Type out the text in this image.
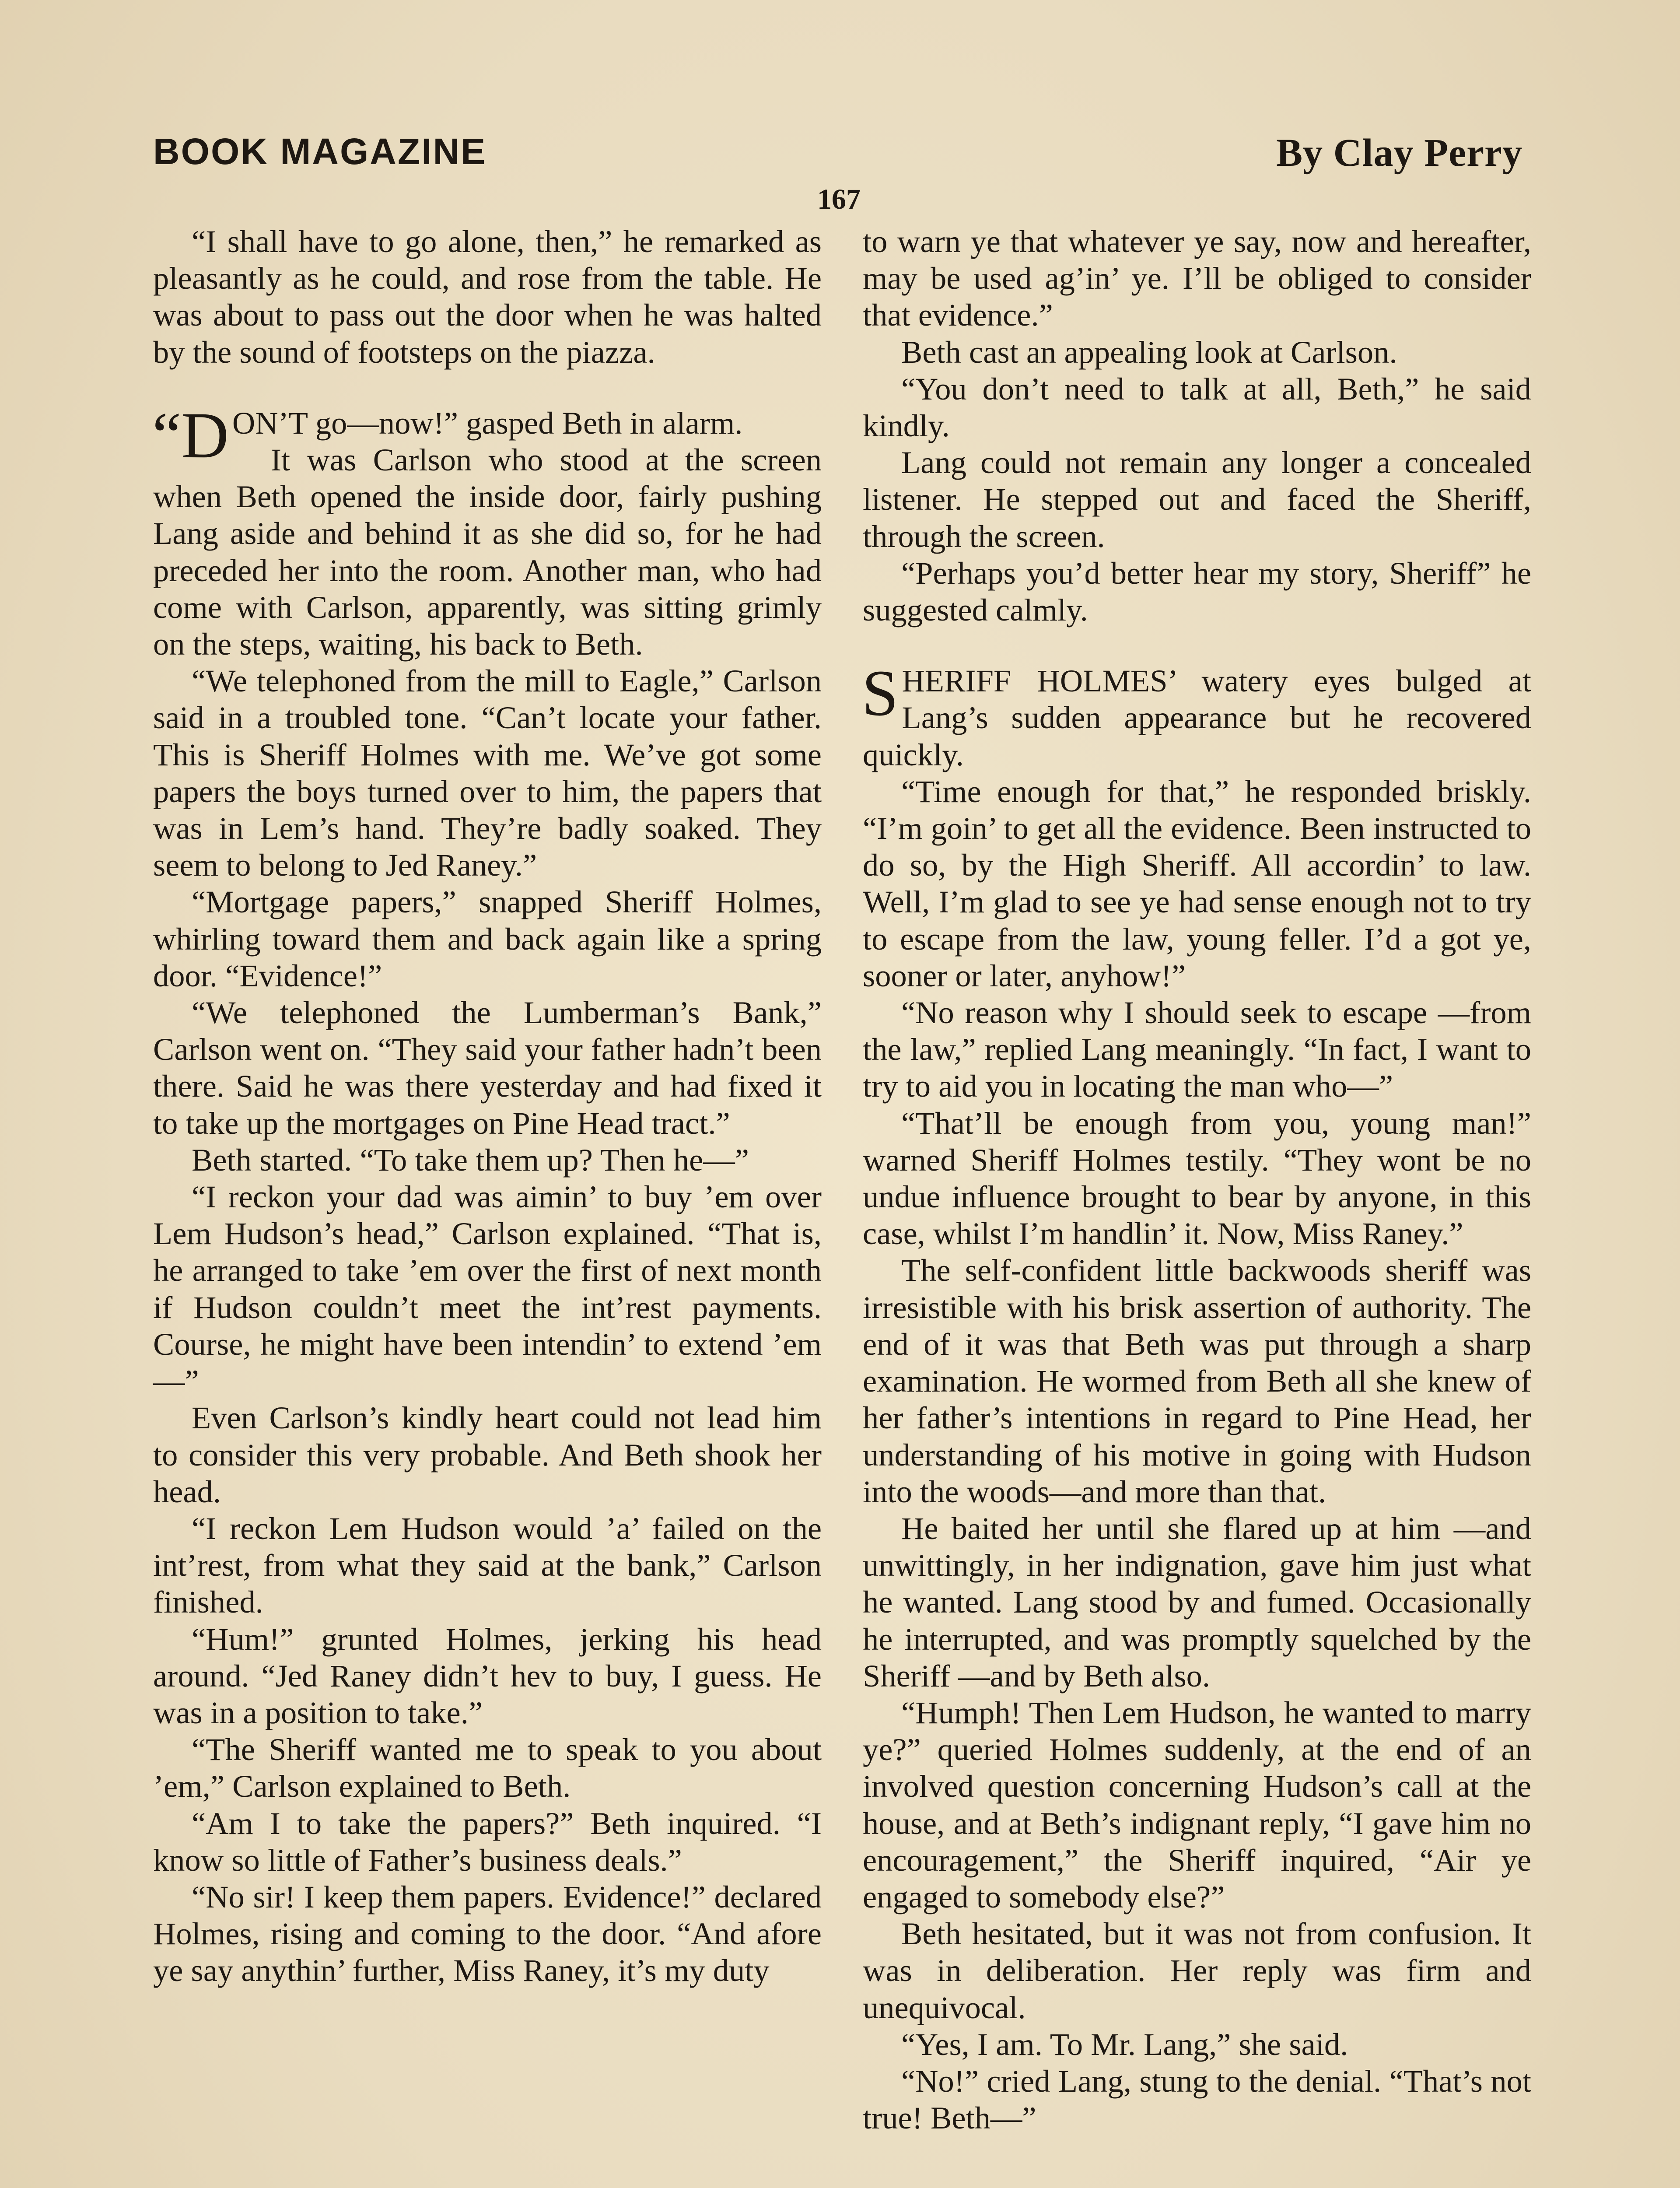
BOOK MAGAZINE	By Clay Perry
167

“I shall have to go alone, then,” he remarked as pleasantly as he could, and rose from the table. He was about to pass out the door when he was halted by the sound of footsteps on the piazza.

“DON’T go—now!” gasped Beth in alarm.

It was Carlson who stood at the screen when Beth opened the inside door, fairly pushing Lang aside and behind it as she did so, for he had preceded her into the room. Another man, who had come with Carlson, apparently, was sitting grimly on the steps, waiting, his back to Beth.

“We telephoned from the mill to Eagle,” Carlson said in a troubled tone. “Can’t locate your father. This is Sheriff Holmes with me. We’ve got some papers the boys turned over to him, the papers that was in Lem’s hand. They’re badly soaked. They seem to belong to Jed Raney.”

“Mortgage papers,” snapped Sheriff Holmes, whirling toward them and back again like a spring door. “Evidence!”

“We telephoned the Lumberman’s Bank,” Carlson went on. “They said your father hadn’t been there. Said he was there yesterday and had fixed it to take up the mortgages on Pine Head tract.”

Beth started. “To take them up? Then he—”

“I reckon your dad was aimin’ to buy ’em over Lem Hudson’s head,” Carlson explained. “That is, he arranged to take ’em over the first of next month if Hudson couldn’t meet the int’rest payments. Course, he might have been intendin’ to extend ’em—”

Even Carlson’s kindly heart could not lead him to consider this very probable. And Beth shook her head.

“I reckon Lem Hudson would ’a’ failed on the int’rest, from what they said at the bank,” Carlson finished.

“Hum!” grunted Holmes, jerking his head around. “Jed Raney didn’t hev to buy, I guess. He was in a position to take.”

“The Sheriff wanted me to speak to you about ’em,” Carlson explained to Beth.

“Am I to take the papers?” Beth inquired. “I know so little of Father’s business deals.”

“No sir! I keep them papers. Evidence!” declared Holmes, rising and coming to the door. “And afore ye say anythin’ further, Miss Raney, it’s my duty

to warn ye that whatever ye say, now and hereafter, may be used ag’in’ ye. I’ll be obliged to consider that evidence.”

Beth cast an appealing look at Carlson.

“You don’t need to talk at all, Beth,” he said kindly.

Lang could not remain any longer a concealed listener. He stepped out and faced the Sheriff, through the screen.

“Perhaps you’d better hear my story, Sheriff” he suggested calmly.

SHERIFF HOLMES’ watery eyes bulged at Lang’s sudden appearance but he recovered quickly.

“Time enough for that,” he responded briskly. “I’m goin’ to get all the evidence. Been instructed to do so, by the High Sheriff. All accordin’ to law. Well, I’m glad to see ye had sense enough not to try to escape from the law, young feller. I’d a got ye, sooner or later, anyhow!”

“No reason why I should seek to escape —from the law,” replied Lang meaningly. “In fact, I want to try to aid you in locating the man who—”

“That’ll be enough from you, young man!” warned Sheriff Holmes testily. “They wont be no undue influence brought to bear by anyone, in this case, whilst I’m handlin’ it. Now, Miss Raney.”

The self-confident little backwoods sheriff was irresistible with his brisk assertion of authority. The end of it was that Beth was put through a sharp examination. He wormed from Beth all she knew of her father’s intentions in regard to Pine Head, her understanding of his motive in going with Hudson into the woods—and more than that.

He baited her until she flared up at him —and unwittingly, in her indignation, gave him just what he wanted. Lang stood by and fumed. Occasionally he interrupted, and was promptly squelched by the Sheriff —and by Beth also.

“Humph! Then Lem Hudson, he wanted to marry ye?” queried Holmes suddenly, at the end of an involved question concerning Hudson’s call at the house, and at Beth’s indignant reply, “I gave him no encouragement,” the Sheriff inquired, “Air ye engaged to somebody else?”

Beth hesitated, but it was not from confusion. It was in deliberation. Her reply was firm and unequivocal.

“Yes, I am. To Mr. Lang,” she said.

“No!” cried Lang, stung to the denial. “That’s not true! Beth—”
